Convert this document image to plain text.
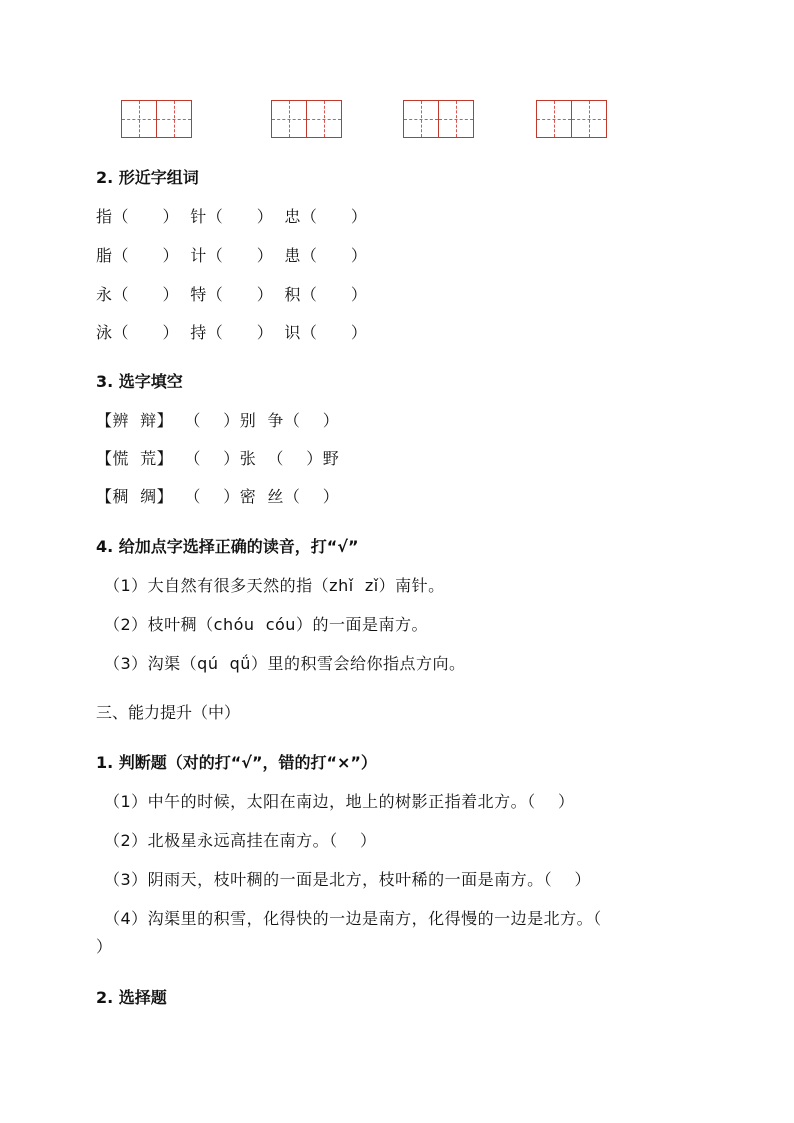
2. 形近字组词
指（      ）  针（      ）  忠（      ）
脂（      ）  计（      ）  患（      ）
永（      ）  特（      ）  积（      ）
泳（      ）  持（      ）  识（      ）
3. 选字填空
【辨  辩】  （    ）别  争（    ）
【慌  荒】  （    ）张  （    ）野
【稠  绸】  （    ）密  丝（    ）
4. 给加点字选择正确的读音，打“√”
（1）大自然有很多天然的指（zhǐ  zǐ）南针。
（2）枝叶稠（chóu  cóu）的一面是南方。
（3）沟渠（qú  qǘ）里的积雪会给你指点方向。
三、能力提升（中）
1. 判断题（对的打“√”，错的打“×”）
（1）中午的时候，太阳在南边，地上的树影正指着北方。（    ）
（2）北极星永远高挂在南方。（    ）
（3）阴雨天，枝叶稠的一面是北方，枝叶稀的一面是南方。（    ）
（4）沟渠里的积雪，化得快的一边是南方，化得慢的一边是北方。（
）
2. 选择题
